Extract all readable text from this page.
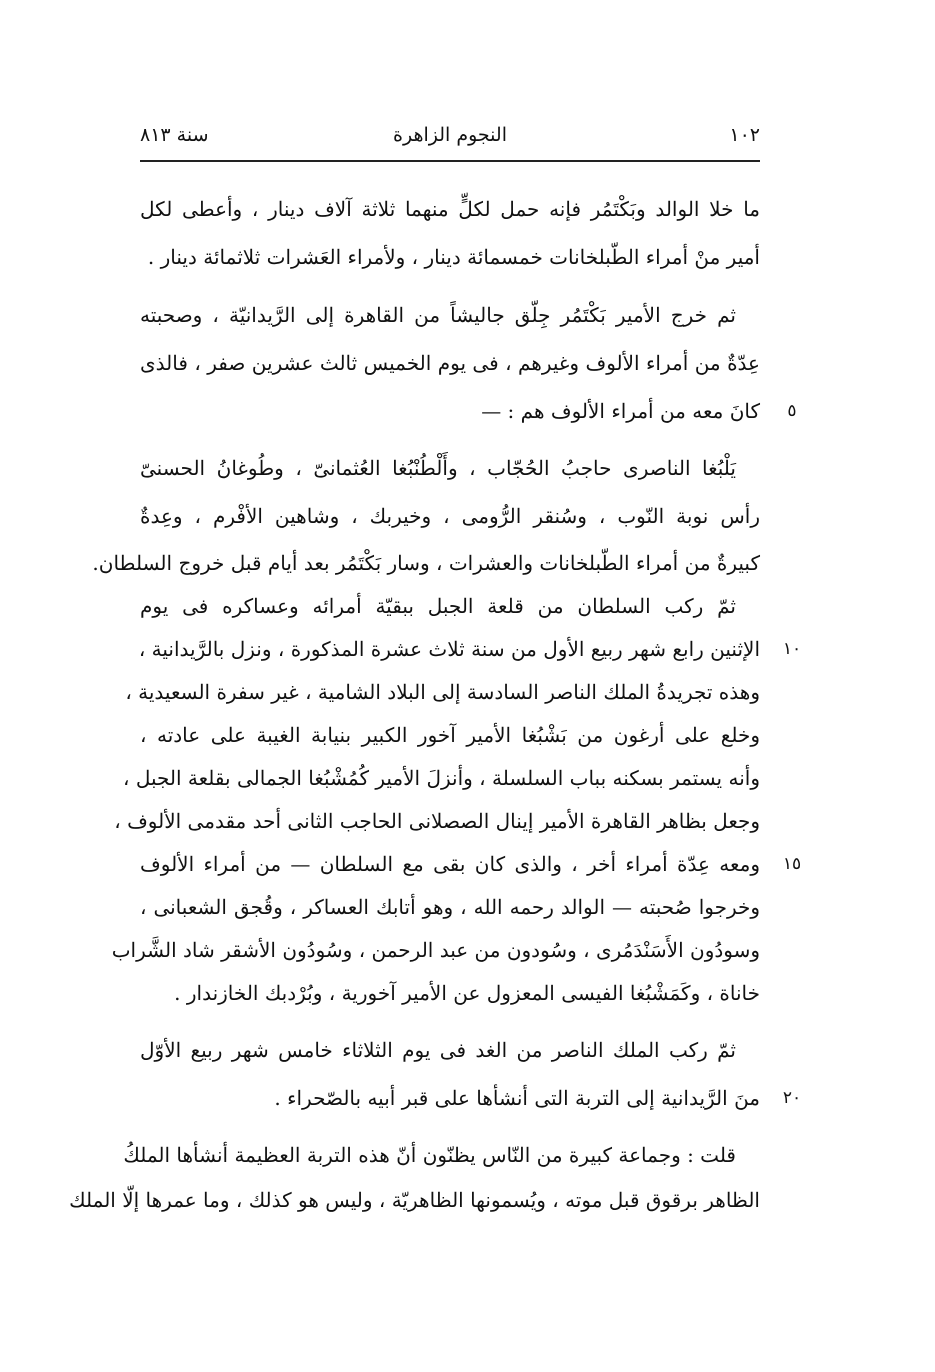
١٠٢
النجوم الزاهرة
سنة ٨١٣
ما خلا الوالد وبَكْتَمُر فإنه حمل لكلٍّ منهما ثلاثة آلاف دينار ، وأعطى لكل
أمير منْ أمراء الطّبلخانات خمسمائة دينار ، ولأمراء العَشرات ثلاثمائة دينار .
ثم خرج الأمير بَكْتَمُر جِلّق جاليشاً من القاهرة إلى الرَّيدانيّة ، وصحبته
عِدّةٌ من أمراء الألوف وغيرهم ، فى يوم الخميس ثالث عشرين صفر ، فالذى
كانَ معه من أمراء الألوف هم : —
يَلْبُغا الناصرى حاجبُ الحُجّاب ، وأَلْطُنْبُغا العُثمانىّ ، وطُوغانُ الحسنىّ
رأس نوبة النّوب ، وسُنقر الرُّومى ، وخيربك ، وشاهين الأفْرم ، وعِدةٌ
كبيرةٌ من أمراء الطّبلخانات والعشرات ، وسار بَكْتَمُر بعد أيام قبل خروج السلطان.
ثمّ ركب السلطان من قلعة الجبل ببقيّة أمرائه وعساكره فى يوم
الإثنين رابع شهر ربيع الأول من سنة ثلاث عشرة المذكورة ، ونزل بالرَّيدانية ،
وهذه تجريدةُ الملك الناصر السادسة إلى البلاد الشامية ، غير سفرة السعيدية ،
وخلع على أرغون من بَشْبُغا الأمير آخور الكبير بنيابة الغيبة على عادته ،
وأنه يستمر بسكنه بباب السلسلة ، وأنزلَ الأمير كُمُشْبُغا الجمالى بقلعة الجبل ،
وجعل بظاهر القاهرة الأمير إينال الصصلانى الحاجب الثانى أحد مقدمى الألوف ،
ومعه عِدّة أمراء أخر ، والذى كان بقى مع السلطان — من أمراء الألوف
وخرجوا صُحبته — الوالد رحمه الله ، وهو أتابك العساكر ، وقُجق الشعبانى ،
وسودُون الأَسَنْدَمُرى ، وسُودون من عبد الرحمن ، وسُودُون الأشقر شاد الشَّراب
خاناة ، وكَمَشْبُغا الفيسى المعزول عن الأمير آخورية ، وبُرْدبك الخازندار .
ثمّ ركب الملك الناصر من الغد فى يوم الثلاثاء خامس شهر ربيع الأوّل
منَ الرَّيدانية إلى التربة التى أنشأها على قبر أبيه بالصّحراء .
قلت : وجماعة كبيرة من النّاس يظنّون أنّ هذه التربة العظيمة أنشأها الملكُ
الظاهر برقوق قبل موته ، ويُسمونها الظاهريّة ، وليس هو كذلك ، وما عمرها إلّا الملك
٥
١٠
١٥
٢٠
